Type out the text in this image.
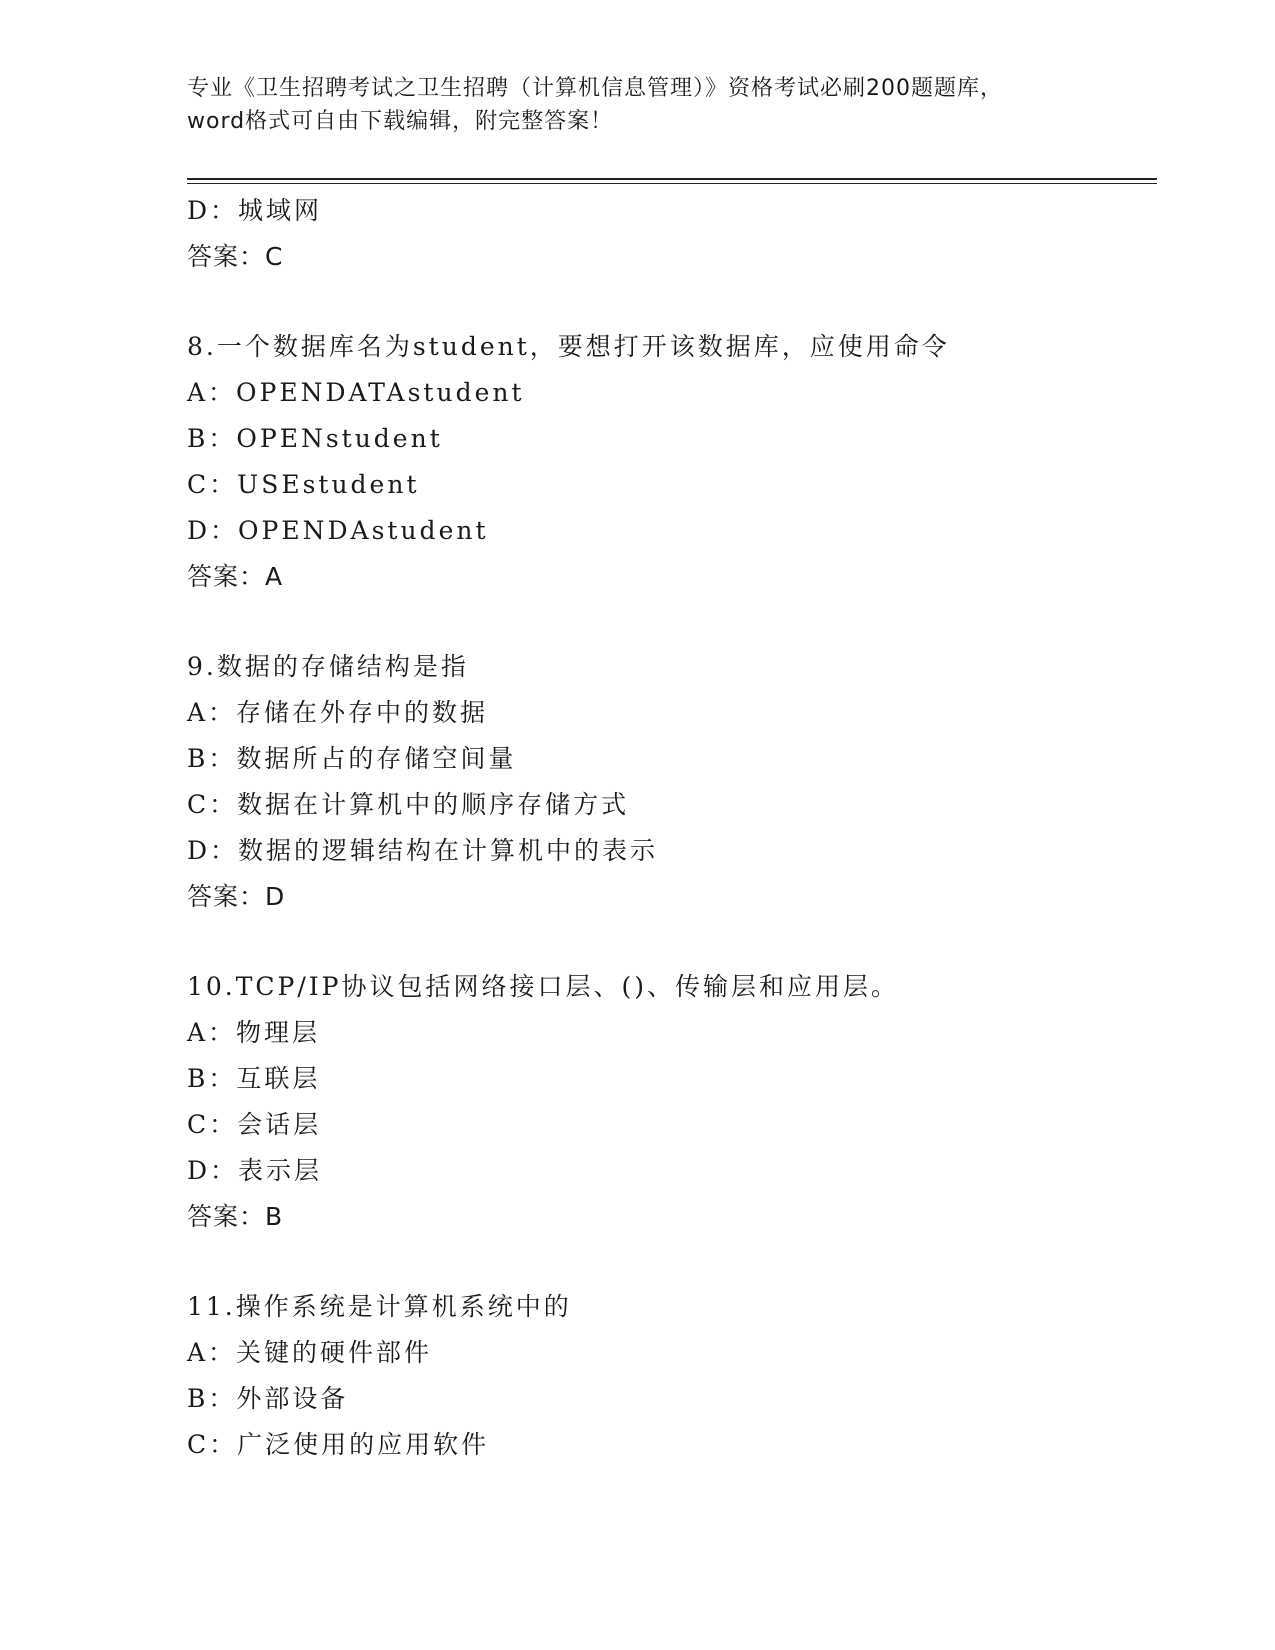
专业《卫生招聘考试之卫生招聘（计算机信息管理）》资格考试必刷200题题库，
word格式可自由下载编辑，附完整答案！
D：城域网
答案：C
8.一个数据库名为student，要想打开该数据库，应使用命令
A：OPENDATAstudent
B：OPENstudent
C：USEstudent
D：OPENDAstudent
答案：A
9.数据的存储结构是指
A：存储在外存中的数据
B：数据所占的存储空间量
C：数据在计算机中的顺序存储方式
D：数据的逻辑结构在计算机中的表示
答案：D
10.TCP/IP协议包括网络接口层、()、传输层和应用层。
A：物理层
B：互联层
C：会话层
D：表示层
答案：B
11.操作系统是计算机系统中的
A：关键的硬件部件
B：外部设备
C：广泛使用的应用软件
